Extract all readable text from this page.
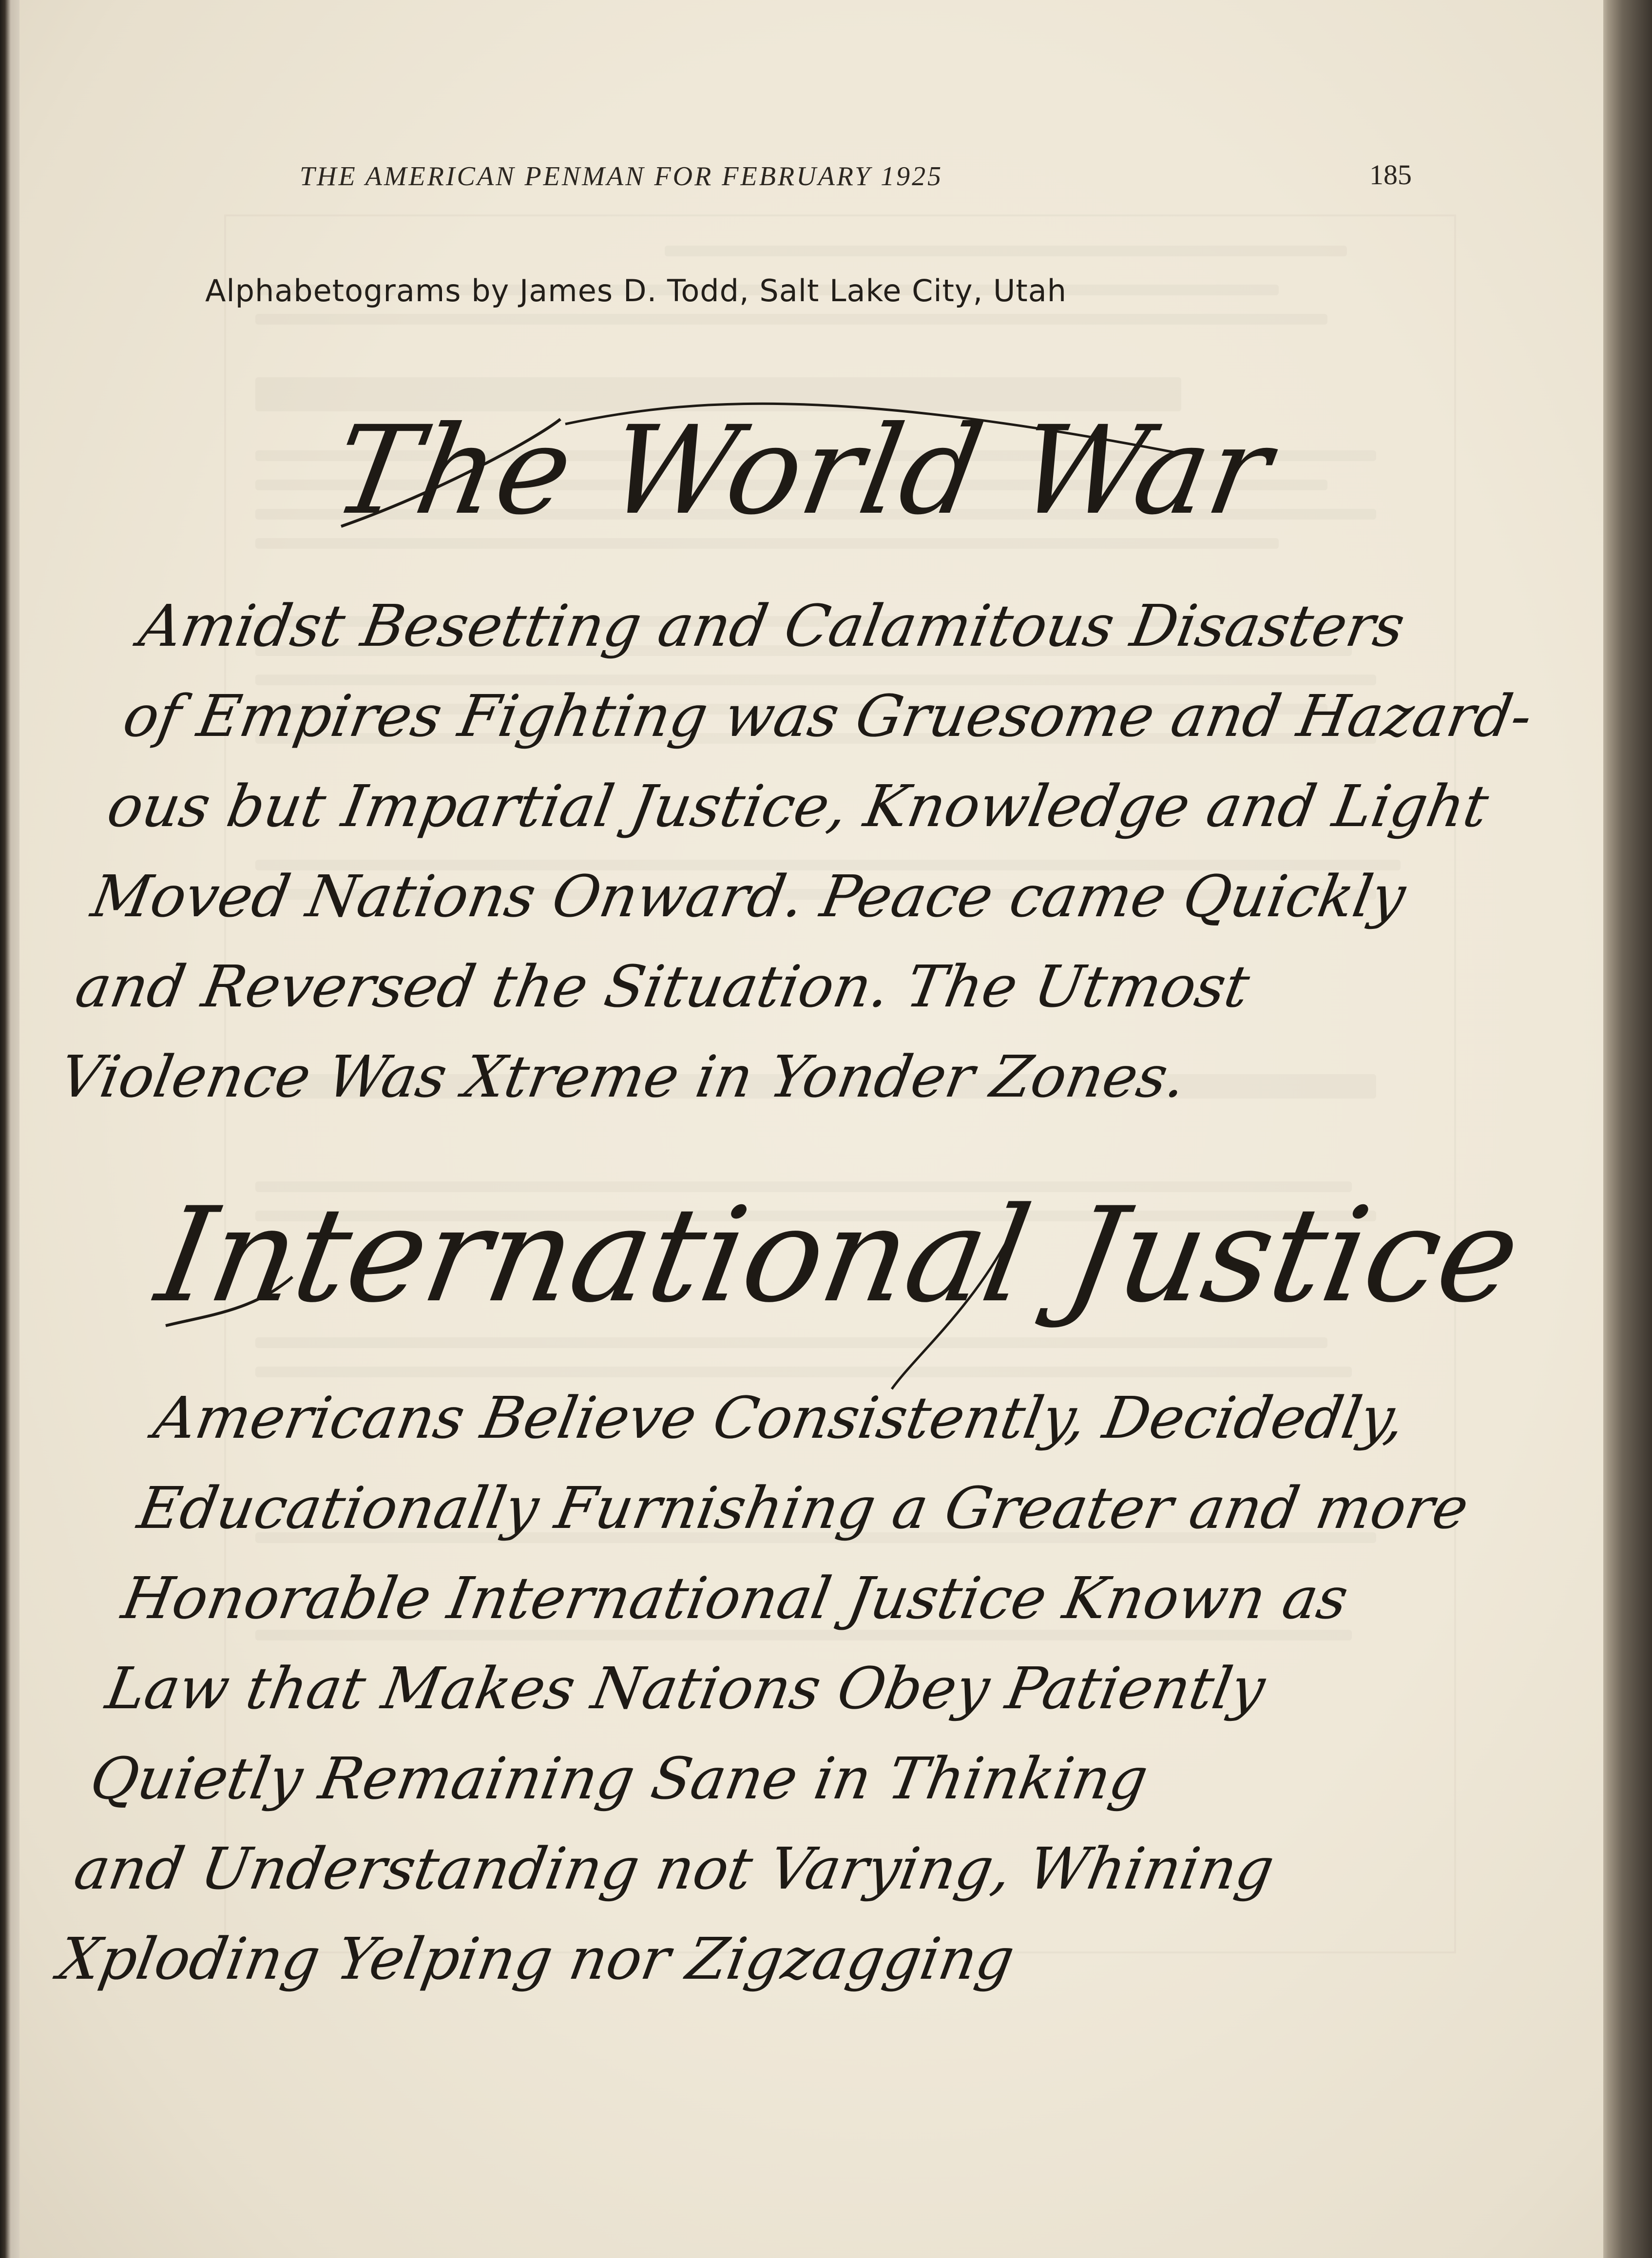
THE AMERICAN PENMAN FOR FEBRUARY 1925	185
Alphabetograms by James D. Todd, Salt Lake City, Utah
The World War
Amidst Besetting and Calamitous Disasters
of Empires Fighting was Gruesome and Hazard-
ous but Impartial Justice, Knowledge and Light
Moved Nations Onward. Peace came Quickly
and Reversed the Situation. The Utmost
Violence Was Xtreme in Yonder Zones.
International Justice
Americans Believe Consistently, Decidedly,
Educationally Furnishing a Greater and more
Honorable International Justice Known as
Law that Makes Nations Obey Patiently
Quietly Remaining Sane in Thinking
and Understanding not Varying, Whining
Xploding Yelping nor Zigzagging
